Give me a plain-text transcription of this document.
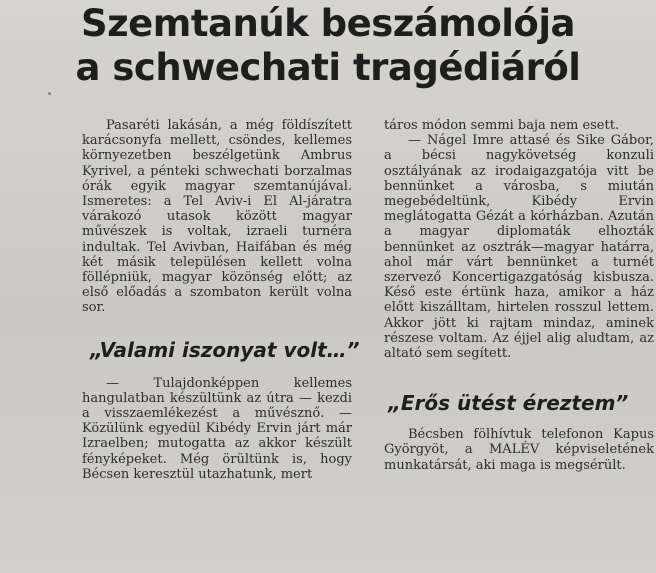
Szemtanúk beszámolója
a schwechati tragédiáról

Pasaréti lakásán, a még földíszített karácsonyfa mellett, csöndes, kellemes környezetben beszélgetünk Ambrus Kyrivel, a pénteki schwechati borzalmas órák egyik magyar szemtanújával. Ismeretes: a Tel Aviv-i El Al-járatra várakozó utasok között magyar művészek is voltak, izraeli turnéra indultak. Tel Avivban, Haifában és még két másik településen kellett volna föllépniük, magyar közönség előtt; az első előadás a szombaton került volna sor.

„Valami iszonyat volt…”

— Tulajdonképpen kellemes hangulatban készültünk az útra — kezdi a visszaemlékezést a művésznő. — Közülünk egyedül Kibédy Ervin járt már Izraelben; mutogatta az akkor készült fényképeket. Még örültünk is, hogy Bécsen keresztül utazhatunk, mert

táros módon semmi baja nem esett.

— Nágel Imre attasé és Sike Gábor, a bécsi nagykövetség konzuli osztályának az irodaigazgatója vitt be bennünket a városba, s miután megebédeltünk, Kibédy Ervin meglátogatta Gézát a kórházban. Azután a magyar diplomaták elhozták bennünket az osztrák—magyar határra, ahol már várt bennünket a turnét szervező Koncertigazgatóság kisbusza. Késő este értünk haza, amikor a ház előtt kiszálltam, hirtelen rosszul lettem. Akkor jött ki rajtam mindaz, aminek részese voltam. Az éjjel alig aludtam, az altató sem segített.

„Erős ütést éreztem”

Bécsben fölhívtuk telefonon Kapus Györgyöt, a MALÉV képviseletének munkatársát, aki maga is megsérült.
